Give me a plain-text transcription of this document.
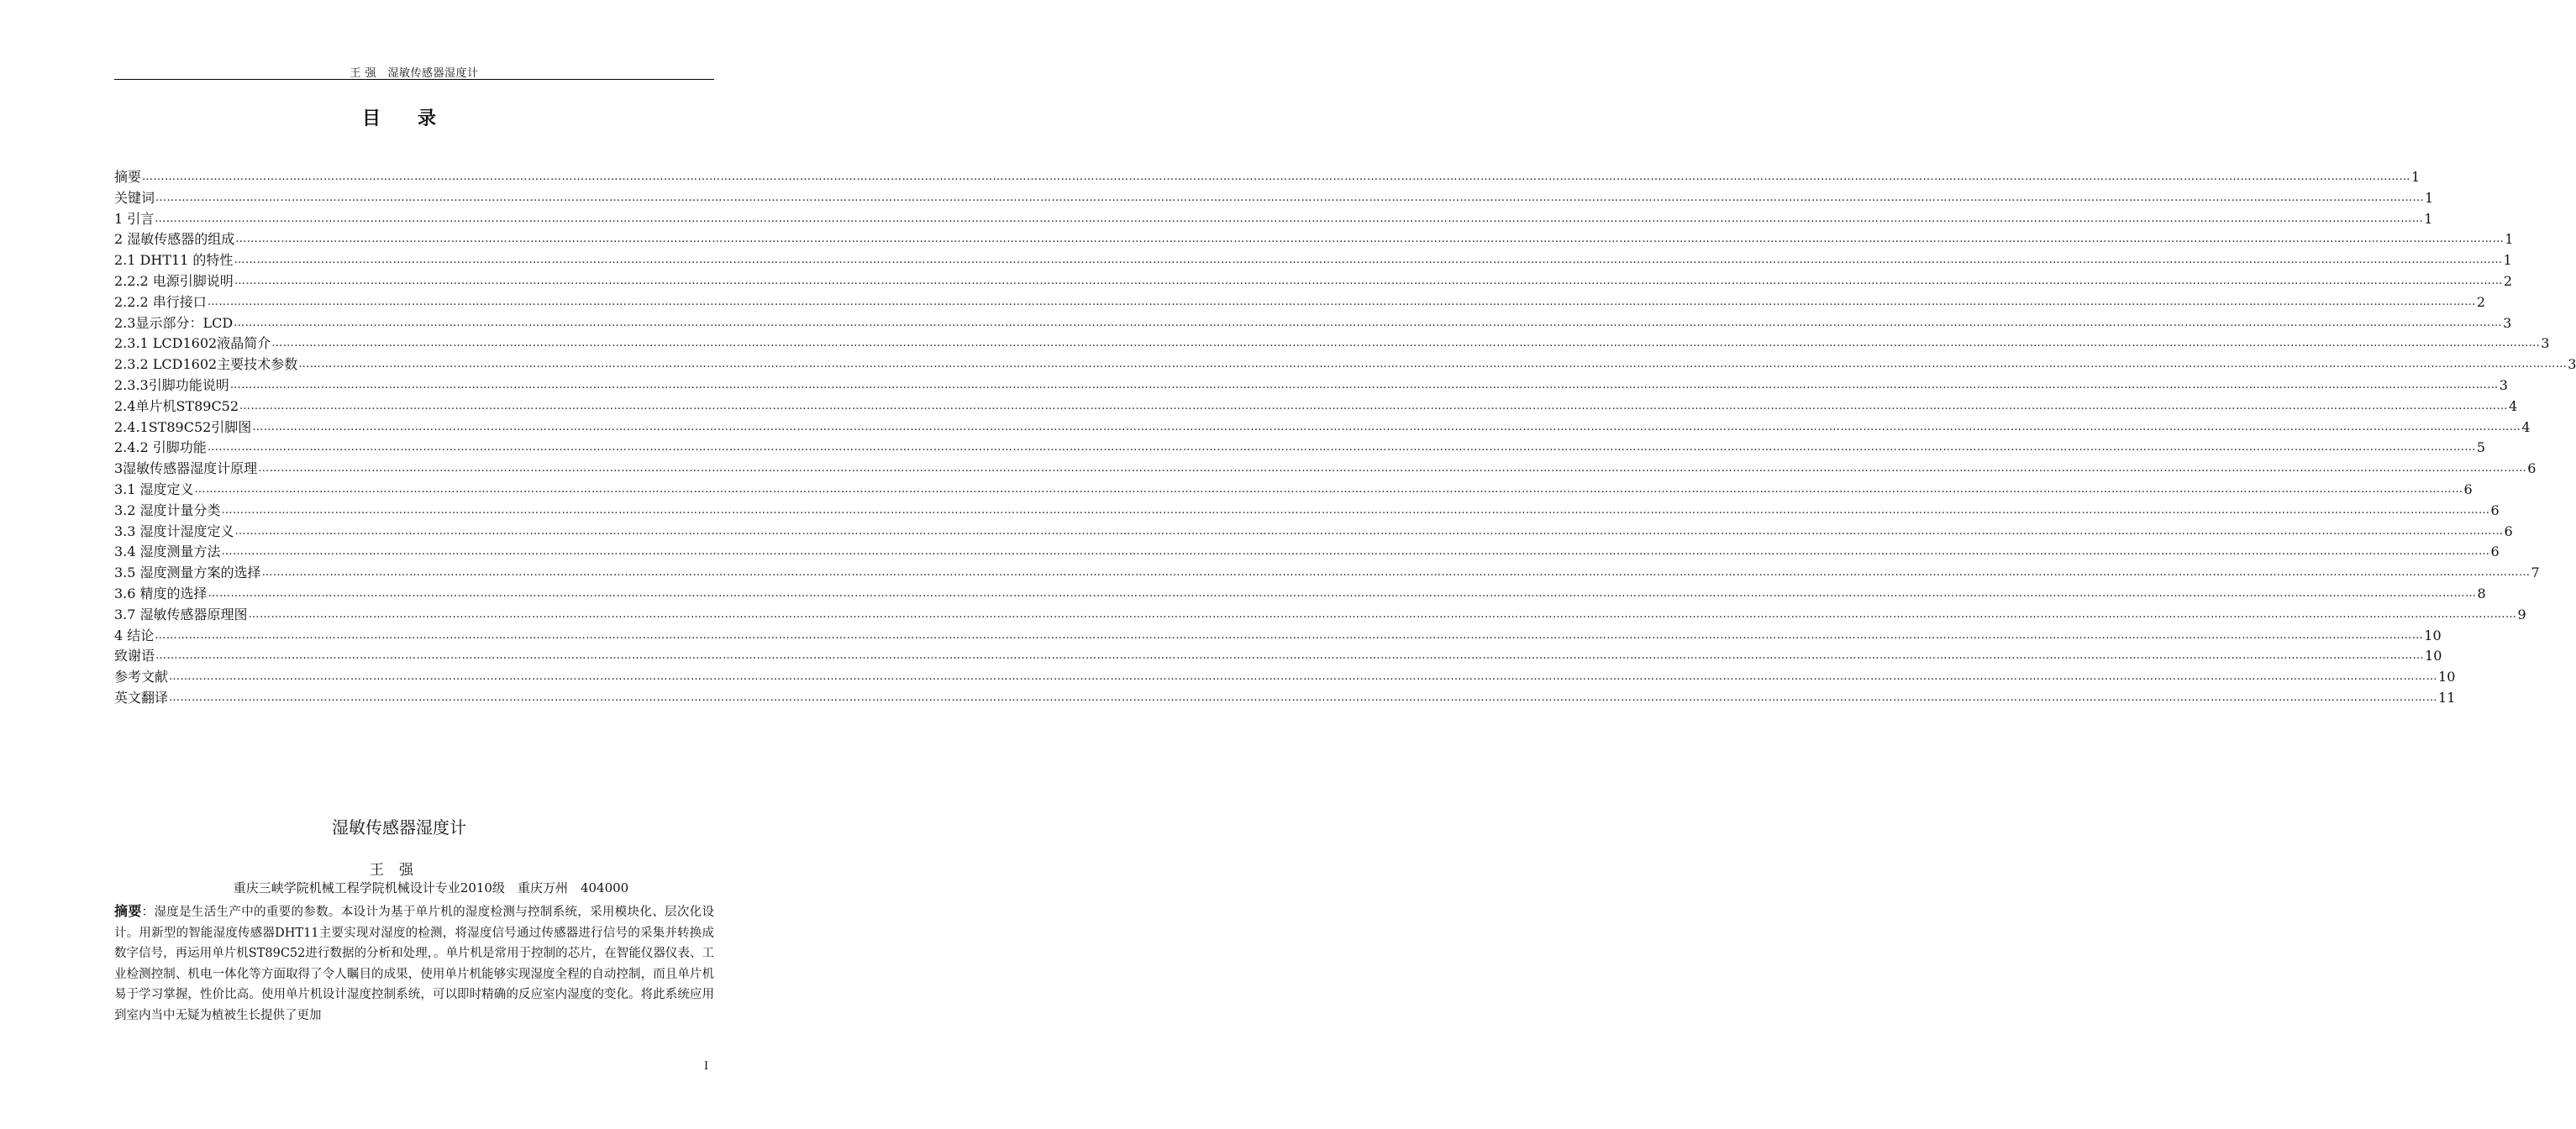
王 强　湿敏传感器湿度计
目 录
摘要 …………………………………………………………………………………………………………………………………………………………………………………………………………………………………………………………………………………………………………………………………………………………………………………………………………………………………………………………………………………………………………………………………………………… 1
关键词 …………………………………………………………………………………………………………………………………………………………………………………………………………………………………………………………………………………………………………………………………………………………………………………………………………………………………………………………………………………………………………………………………………………… 1
1 引言 …………………………………………………………………………………………………………………………………………………………………………………………………………………………………………………………………………………………………………………………………………………………………………………………………………………………………………………………………………………………………………………………………………………… 1
2 湿敏传感器的组成 …………………………………………………………………………………………………………………………………………………………………………………………………………………………………………………………………………………………………………………………………………………………………………………………………………………………………………………………………………………………………………………………………………………… 1
2.1 DHT11 的特性 …………………………………………………………………………………………………………………………………………………………………………………………………………………………………………………………………………………………………………………………………………………………………………………………………………………………………………………………………………………………………………………………………………………… 1
2.2.2 电源引脚说明 …………………………………………………………………………………………………………………………………………………………………………………………………………………………………………………………………………………………………………………………………………………………………………………………………………………………………………………………………………………………………………………………………………………… 2
2.2.2 串行接口 …………………………………………………………………………………………………………………………………………………………………………………………………………………………………………………………………………………………………………………………………………………………………………………………………………………………………………………………………………………………………………………………………………………… 2
2.3显示部分：LCD …………………………………………………………………………………………………………………………………………………………………………………………………………………………………………………………………………………………………………………………………………………………………………………………………………………………………………………………………………………………………………………………………………………… 3
2.3.1 LCD1602液晶简介 …………………………………………………………………………………………………………………………………………………………………………………………………………………………………………………………………………………………………………………………………………………………………………………………………………………………………………………………………………………………………………………………………………………… 3
2.3.2 LCD1602主要技术参数 …………………………………………………………………………………………………………………………………………………………………………………………………………………………………………………………………………………………………………………………………………………………………………………………………………………………………………………………………………………………………………………………………………………… 3
2.3.3引脚功能说明 …………………………………………………………………………………………………………………………………………………………………………………………………………………………………………………………………………………………………………………………………………………………………………………………………………………………………………………………………………………………………………………………………………………… 3
2.4单片机ST89C52 …………………………………………………………………………………………………………………………………………………………………………………………………………………………………………………………………………………………………………………………………………………………………………………………………………………………………………………………………………………………………………………………………………………… 4
2.4.1ST89C52引脚图 …………………………………………………………………………………………………………………………………………………………………………………………………………………………………………………………………………………………………………………………………………………………………………………………………………………………………………………………………………………………………………………………………………………… 4
2.4.2 引脚功能 …………………………………………………………………………………………………………………………………………………………………………………………………………………………………………………………………………………………………………………………………………………………………………………………………………………………………………………………………………………………………………………………………………………… 5
3湿敏传感器湿度计原理 …………………………………………………………………………………………………………………………………………………………………………………………………………………………………………………………………………………………………………………………………………………………………………………………………………………………………………………………………………………………………………………………………………………… 6
3.1 湿度定义 …………………………………………………………………………………………………………………………………………………………………………………………………………………………………………………………………………………………………………………………………………………………………………………………………………………………………………………………………………………………………………………………………………………… 6
3.2 湿度计量分类 …………………………………………………………………………………………………………………………………………………………………………………………………………………………………………………………………………………………………………………………………………………………………………………………………………………………………………………………………………………………………………………………………………………… 6
3.3 湿度计湿度定义 …………………………………………………………………………………………………………………………………………………………………………………………………………………………………………………………………………………………………………………………………………………………………………………………………………………………………………………………………………………………………………………………………………………… 6
3.4 湿度测量方法 …………………………………………………………………………………………………………………………………………………………………………………………………………………………………………………………………………………………………………………………………………………………………………………………………………………………………………………………………………………………………………………………………………………… 6
3.5 湿度测量方案的选择 …………………………………………………………………………………………………………………………………………………………………………………………………………………………………………………………………………………………………………………………………………………………………………………………………………………………………………………………………………………………………………………………………………………… 7
3.6 精度的选择 …………………………………………………………………………………………………………………………………………………………………………………………………………………………………………………………………………………………………………………………………………………………………………………………………………………………………………………………………………………………………………………………………………………… 8
3.7 湿敏传感器原理图 …………………………………………………………………………………………………………………………………………………………………………………………………………………………………………………………………………………………………………………………………………………………………………………………………………………………………………………………………………………………………………………………………………………… 9
4 结论 …………………………………………………………………………………………………………………………………………………………………………………………………………………………………………………………………………………………………………………………………………………………………………………………………………………………………………………………………………………………………………………………………………………… 10
致谢语 …………………………………………………………………………………………………………………………………………………………………………………………………………………………………………………………………………………………………………………………………………………………………………………………………………………………………………………………………………………………………………………………………………………… 10
参考文献 …………………………………………………………………………………………………………………………………………………………………………………………………………………………………………………………………………………………………………………………………………………………………………………………………………………………………………………………………………………………………………………………………………………… 10
英文翻译 …………………………………………………………………………………………………………………………………………………………………………………………………………………………………………………………………………………………………………………………………………………………………………………………………………………………………………………………………………………………………………………………………………………… 11
湿敏传感器湿度计
王强
重庆三峡学院机械工程学院机械设计专业2010级　重庆万州　404000
摘要：湿度是生活生产中的重要的参数。本设计为基于单片机的湿度检测与控制系统，采用模块化、层次化设计。用新型的智能湿度传感器DHT11主要实现对湿度的检测，将湿度信号通过传感器进行信号的采集并转换成数字信号，再运用单片机ST89C52进行数据的分析和处理，。单片机是常用于控制的芯片，在智能仪器仪表、工业检测控制、机电一体化等方面取得了令人瞩目的成果，使用单片机能够实现湿度全程的自动控制，而且单片机易于学习掌握，性价比高。使用单片机设计湿度控制系统，可以即时精确的反应室内湿度的变化。将此系统应用到室内当中无疑为植被生长提供了更加
I
